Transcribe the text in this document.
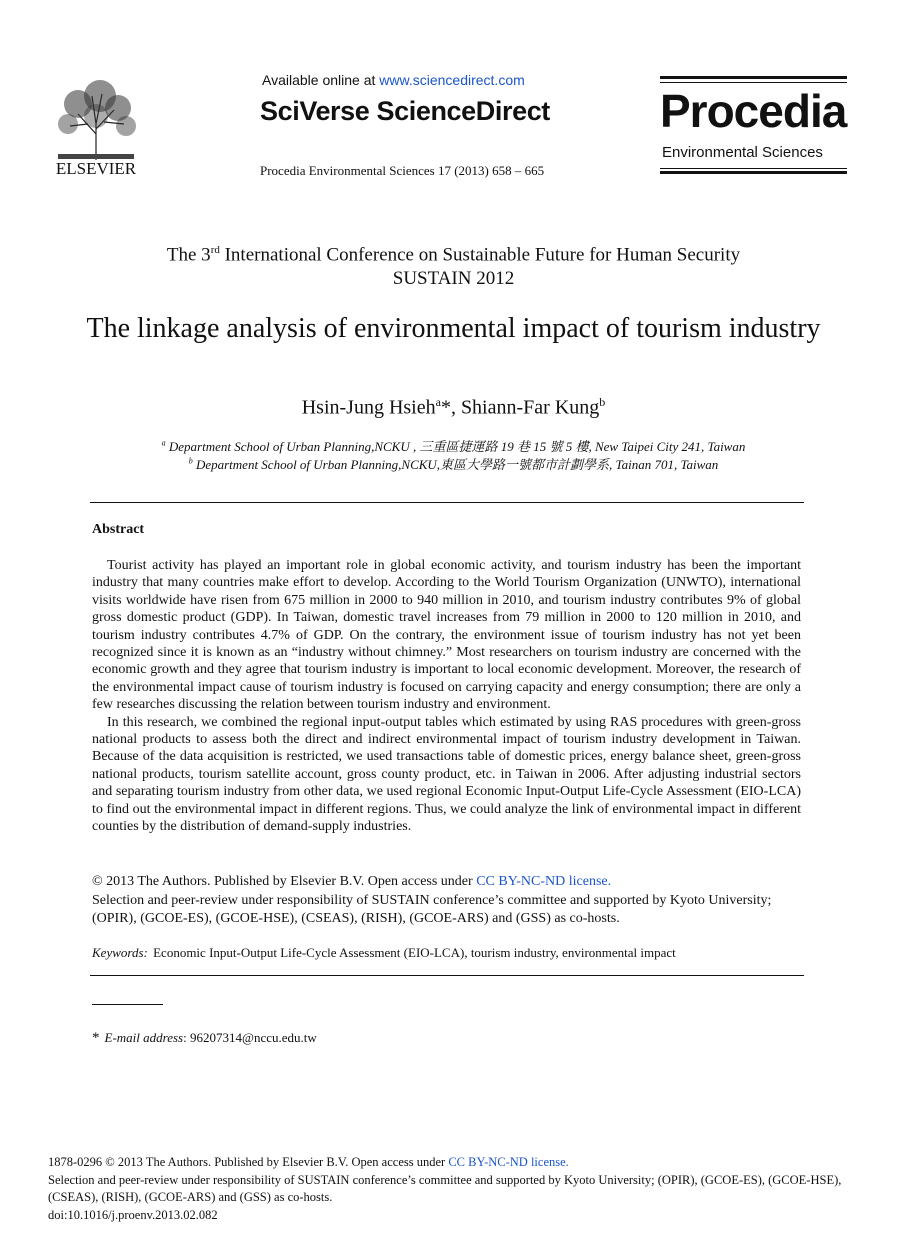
ELSEVIER
Available online at www.sciencedirect.com
SciVerse ScienceDirect
Procedia Environmental Sciences 17 (2013) 658 – 665
Procedia
Environmental Sciences
The 3rd International Conference on Sustainable Future for Human Security
SUSTAIN 2012
The linkage analysis of environmental impact of tourism industry
Hsin-Jung Hsieh$^a$*, Shiann-Far Kung$^b$
$^a$ Department School of Urban Planning,NCKU , 三重區捷運路 19 巷 15 號 5 樓, New Taipei City 241, Taiwan
$^b$ Department School of Urban Planning,NCKU,東區大學路一號都市計劃學系, Tainan 701, Taiwan
Abstract

Tourist activity has played an important role in global economic activity, and tourism industry has been the important industry that many countries make effort to develop. According to the World Tourism Organization (UNWTO), international visits worldwide have risen from 675 million in 2000 to 940 million in 2010, and tourism industry contributes 9% of global gross domestic product (GDP). In Taiwan, domestic travel increases from 79 million in 2000 to 120 million in 2010, and tourism industry contributes 4.7% of GDP. On the contrary, the environment issue of tourism industry has not yet been recognized since it is known as an “industry without chimney.” Most researchers on tourism industry are concerned with the economic growth and they agree that tourism industry is important to local economic development. Moreover, the research of the environmental impact cause of tourism industry is focused on carrying capacity and energy consumption; there are only a few researches discussing the relation between tourism industry and environment.

In this research, we combined the regional input-output tables which estimated by using RAS procedures with green-gross national products to assess both the direct and indirect environmental impact of tourism industry development in Taiwan. Because of the data acquisition is restricted, we used transactions table of domestic prices, energy balance sheet, green-gross national products, tourism satellite account, gross county product, etc. in Taiwan in 2006. After adjusting industrial sectors and separating tourism industry from other data, we used regional Economic Input-Output Life-Cycle Assessment (EIO-LCA) to find out the environmental impact in different regions. Thus, we could analyze the link of environmental impact in different counties by the distribution of demand-supply industries.

© 2013 The Authors. Published by Elsevier B.V. Open access under CC BY-NC-ND license.
Selection and peer-review under responsibility of SUSTAIN conference’s committee and supported by Kyoto University; (OPIR), (GCOE-ES), (GCOE-HSE), (CSEAS), (RISH), (GCOE-ARS) and (GSS) as co-hosts.
Keywords: Economic Input-Output Life-Cycle Assessment (EIO-LCA), tourism industry, environmental impact
* E-mail address: 96207314@nccu.edu.tw
1878-0296 © 2013 The Authors. Published by Elsevier B.V. Open access under CC BY-NC-ND license.
Selection and peer-review under responsibility of SUSTAIN conference’s committee and supported by Kyoto University; (OPIR), (GCOE-ES), (GCOE-HSE), (CSEAS), (RISH), (GCOE-ARS) and (GSS) as co-hosts.
doi:10.1016/j.proenv.2013.02.082
